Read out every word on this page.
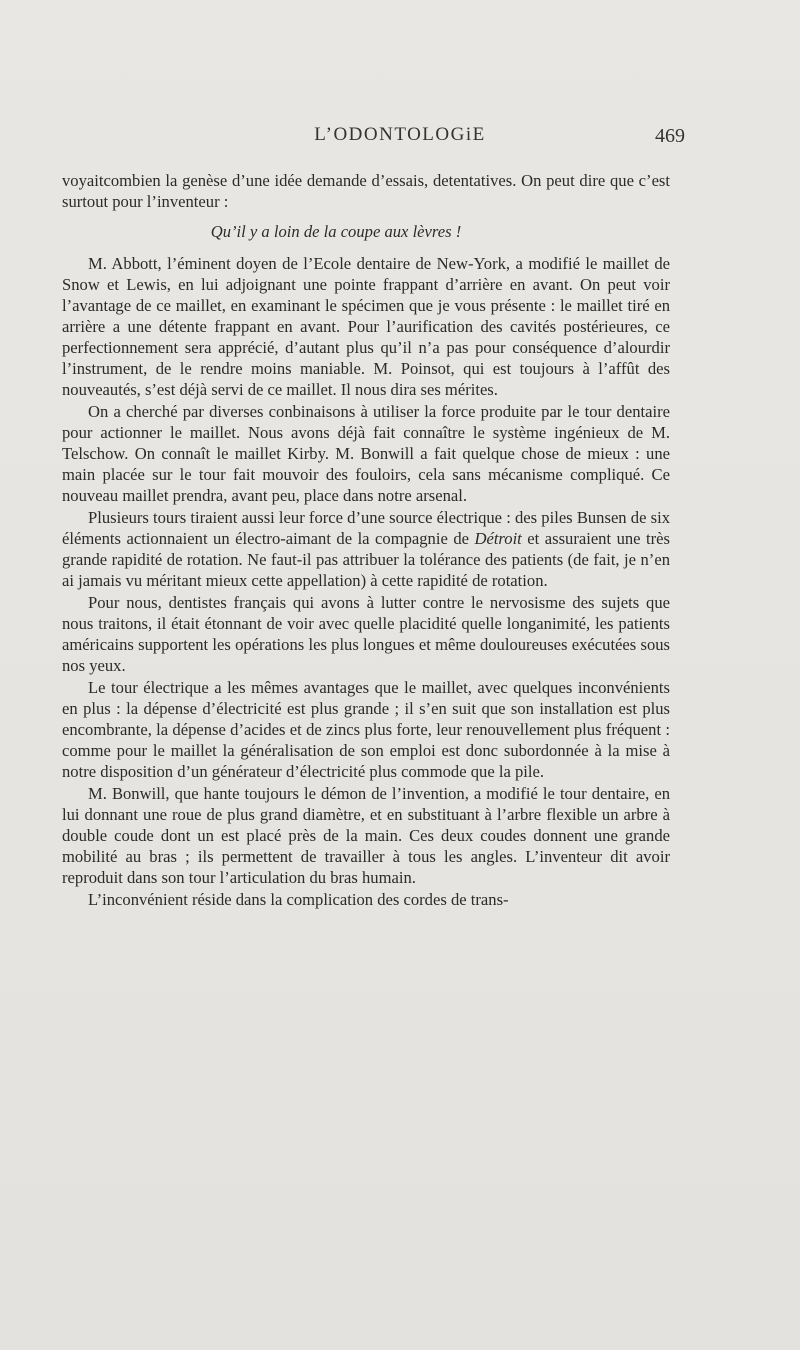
L’ODONTOLOGiE	469

voyaitcombien la genèse d’une idée demande d’essais, detentatives. On peut dire que c’est surtout pour l’inventeur :

Qu’il y a loin de la coupe aux lèvres !

M. Abbott, l’éminent doyen de l’Ecole dentaire de New-York, a modifié le maillet de Snow et Lewis, en lui adjoignant une pointe frappant d’arrière en avant. On peut voir l’avantage de ce maillet, en examinant le spécimen que je vous présente : le maillet tiré en arrière a une détente frappant en avant. Pour l’aurification des cavités postérieures, ce perfectionnement sera apprécié, d’autant plus qu’il n’a pas pour conséquence d’alourdir l’instrument, de le rendre moins maniable. M. Poinsot, qui est toujours à l’affût des nouveautés, s’est déjà servi de ce maillet. Il nous dira ses mérites.

On a cherché par diverses conbinaisons à utiliser la force produite par le tour dentaire pour actionner le maillet. Nous avons déjà fait connaître le système ingénieux de M. Telschow. On connaît le maillet Kirby. M. Bonwill a fait quelque chose de mieux : une main placée sur le tour fait mouvoir des fouloirs, cela sans mécanisme compliqué. Ce nouveau maillet prendra, avant peu, place dans notre arsenal.

Plusieurs tours tiraient aussi leur force d’une source électrique : des piles Bunsen de six éléments actionnaient un électro-aimant de la compagnie de Détroit et assuraient une très grande rapidité de rotation. Ne faut-il pas attribuer la tolérance des patients (de fait, je n’en ai jamais vu méritant mieux cette appellation) à cette rapidité de rotation.

Pour nous, dentistes français qui avons à lutter contre le nervosisme des sujets que nous traitons, il était étonnant de voir avec quelle placidité quelle longanimité, les patients américains supportent les opérations les plus longues et même douloureuses exécutées sous nos yeux.

Le tour électrique a les mêmes avantages que le maillet, avec quelques inconvénients en plus : la dépense d’électricité est plus grande ; il s’en suit que son installation est plus encombrante, la dépense d’acides et de zincs plus forte, leur renouvellement plus fréquent : comme pour le maillet la généralisation de son emploi est donc subordonnée à la mise à notre disposition d’un générateur d’électricité plus commode que la pile.

M. Bonwill, que hante toujours le démon de l’invention, a modifié le tour dentaire, en lui donnant une roue de plus grand diamètre, et en substituant à l’arbre flexible un arbre à double coude dont un est placé près de la main. Ces deux coudes donnent une grande mobilité au bras ; ils permettent de travailler à tous les angles. L’inventeur dit avoir reproduit dans son tour l’articulation du bras humain.

L’inconvénient réside dans la complication des cordes de trans-
